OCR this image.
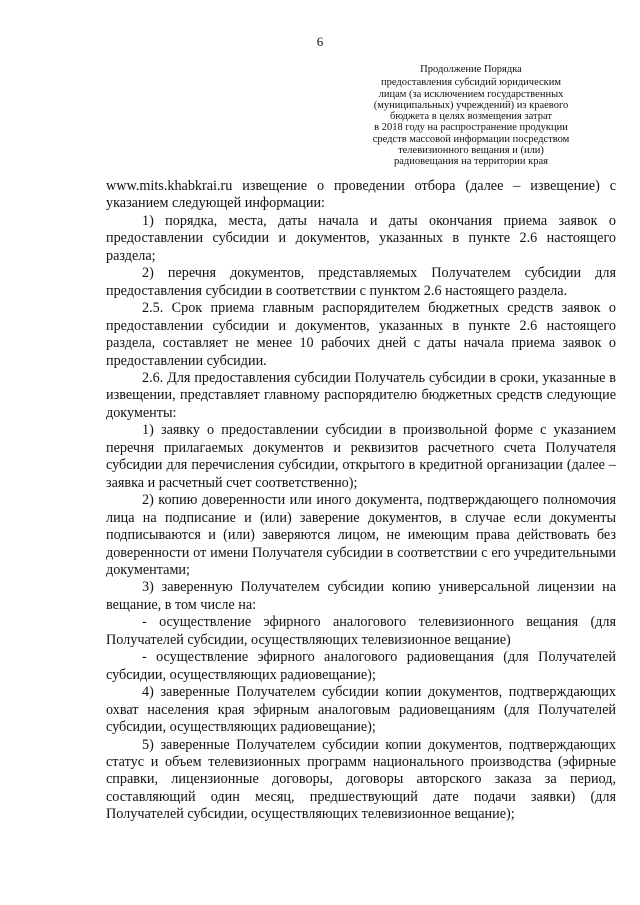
6
Продолжение Порядка
предоставления субсидий юридическим
лицам (за исключением государственных
(муниципальных) учреждений) из краевого
бюджета в целях возмещения затрат
в 2018 году на распространение продукции
средств массовой информации посредством
телевизионного вещания и (или)
радиовещания на территории края

www.mits.khabkrai.ru извещение о проведении отбора (далее – извещение) с указанием следующей информации:

1) порядка, места, даты начала и даты окончания приема заявок о предоставлении субсидии и документов, указанных в пункте 2.6 настоящего раздела;

2) перечня документов, представляемых Получателем субсидии для предоставления субсидии в соответствии с пунктом 2.6 настоящего раздела.

2.5. Срок приема главным распорядителем бюджетных средств заявок о предоставлении субсидии и документов, указанных в пункте 2.6 настоящего раздела, составляет не менее 10 рабочих дней с даты начала приема заявок о предоставлении субсидии.

2.6. Для предоставления субсидии Получатель субсидии в сроки, указанные в извещении, представляет главному распорядителю бюджетных средств следующие документы:

1) заявку о предоставлении субсидии в произвольной форме с указанием перечня прилагаемых документов и реквизитов расчетного счета Получателя субсидии для перечисления субсидии, открытого в кредитной организации (далее – заявка и расчетный счет соответственно);

2) копию доверенности или иного документа, подтверждающего полномочия лица на подписание и (или) заверение документов, в случае если документы подписываются и (или) заверяются лицом, не имеющим права действовать без доверенности от имени Получателя субсидии в соответствии с его учредительными документами;

3) заверенную Получателем субсидии копию универсальной лицензии на вещание, в том числе на:

- осуществление эфирного аналогового телевизионного вещания (для Получателей субсидии, осуществляющих телевизионное вещание)

- осуществление эфирного аналогового радиовещания (для Получателей субсидии, осуществляющих радиовещание);

4) заверенные Получателем субсидии копии документов, подтверждающих охват населения края эфирным аналоговым радиовещаниям (для Получателей субсидии, осуществляющих радиовещание);

5) заверенные Получателем субсидии копии документов, подтверждающих статус и объем телевизионных программ национального производства (эфирные справки, лицензионные договоры, договоры авторского заказа за период, составляющий один месяц, предшествующий дате подачи заявки) (для Получателей субсидии, осуществляющих телевизионное вещание);
